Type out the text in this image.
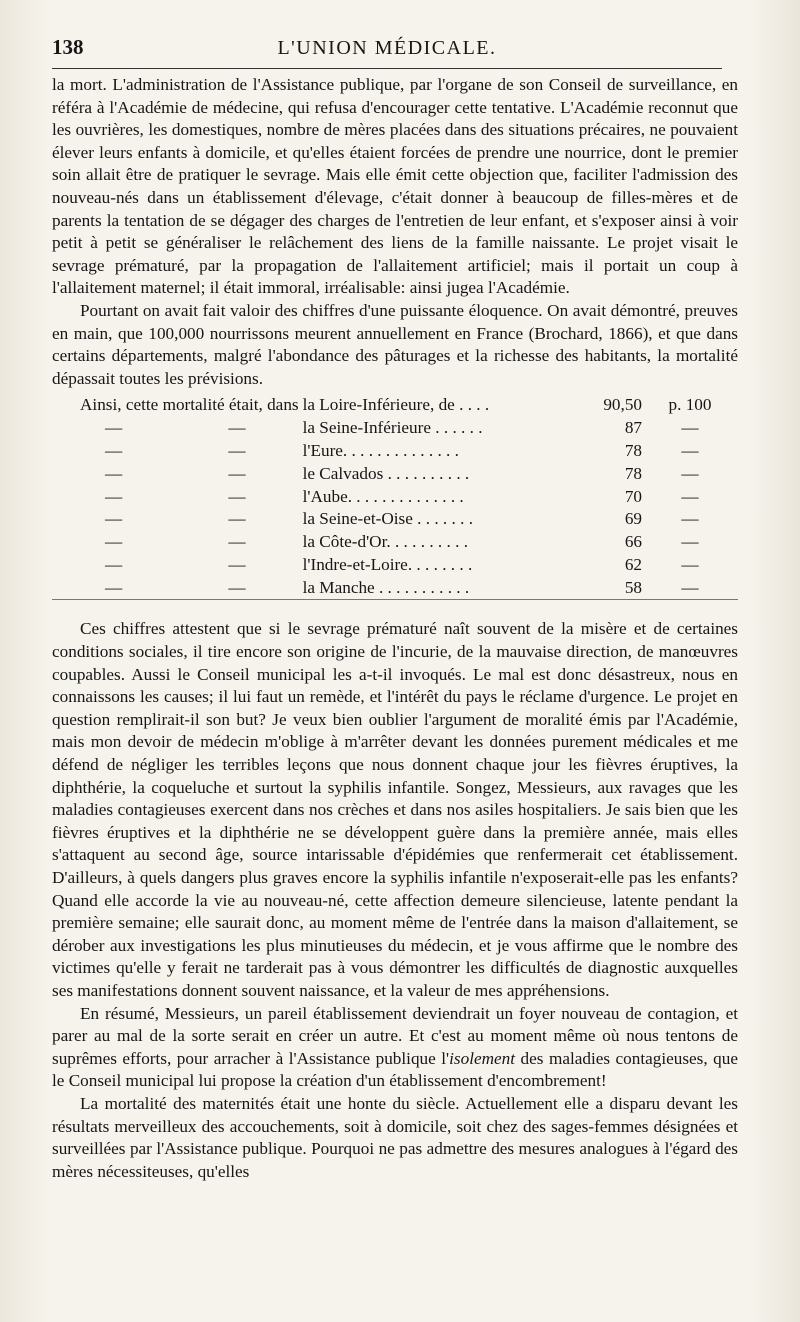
138	L'UNION MÉDICALE.

la mort. L'administration de l'Assistance publique, par l'organe de son Conseil de surveillance, en référa à l'Académie de médecine, qui refusa d'encourager cette tentative. L'Académie reconnut que les ouvrières, les domestiques, nombre de mères placées dans des situations précaires, ne pouvaient élever leurs enfants à domicile, et qu'elles étaient forcées de prendre une nourrice, dont le premier soin allait être de pratiquer le sevrage. Mais elle émit cette objection que, faciliter l'admission des nouveau-nés dans un établissement d'élevage, c'était donner à beaucoup de filles-mères et de parents la tentation de se dégager des charges de l'entretien de leur enfant, et s'exposer ainsi à voir petit à petit se généraliser le relâchement des liens de la famille naissante. Le projet visait le sevrage prématuré, par la propagation de l'allaitement artificiel; mais il portait un coup à l'allaitement maternel; il était immoral, irréalisable: ainsi jugea l'Académie.

Pourtant on avait fait valoir des chiffres d'une puissante éloquence. On avait démontré, preuves en main, que 100,000 nourrissons meurent annuellement en France (Brochard, 1866), et que dans certains départements, malgré l'abondance des pâturages et la richesse des habitants, la mortalité dépassait toutes les prévisions.

Ainsi, cette mortalité était, dans		la Loire-Inférieure, de . . . .	90,50	p. 100
—	—	la Seine-Inférieure . . . . . .	87	—
—	—	l'Eure. . . . . . . . . . . . . .	78	—
—	—	le Calvados . . . . . . . . . .	78	—
—	—	l'Aube. . . . . . . . . . . . . .	70	—
—	—	la Seine-et-Oise . . . . . . .	69	—
—	—	la Côte-d'Or. . . . . . . . . .	66	—
—	—	l'Indre-et-Loire. . . . . . . .	62	—
—	—	la Manche . . . . . . . . . . .	58	—

Ces chiffres attestent que si le sevrage prématuré naît souvent de la misère et de certaines conditions sociales, il tire encore son origine de l'incurie, de la mauvaise direction, de manœuvres coupables. Aussi le Conseil municipal les a-t-il invoqués. Le mal est donc désastreux, nous en connaissons les causes; il lui faut un remède, et l'intérêt du pays le réclame d'urgence. Le projet en question remplirait-il son but? Je veux bien oublier l'argument de moralité émis par l'Académie, mais mon devoir de médecin m'oblige à m'arrêter devant les données purement médicales et me défend de négliger les terribles leçons que nous donnent chaque jour les fièvres éruptives, la diphthérie, la coqueluche et surtout la syphilis infantile. Songez, Messieurs, aux ravages que les maladies contagieuses exercent dans nos crèches et dans nos asiles hospitaliers. Je sais bien que les fièvres éruptives et la diphthérie ne se développent guère dans la première année, mais elles s'attaquent au second âge, source intarissable d'épidémies que renfermerait cet établissement. D'ailleurs, à quels dangers plus graves encore la syphilis infantile n'exposerait-elle pas les enfants? Quand elle accorde la vie au nouveau-né, cette affection demeure silencieuse, latente pendant la première semaine; elle saurait donc, au moment même de l'entrée dans la maison d'allaitement, se dérober aux investigations les plus minutieuses du médecin, et je vous affirme que le nombre des victimes qu'elle y ferait ne tarderait pas à vous démontrer les difficultés de diagnostic auxquelles ses manifestations donnent souvent naissance, et la valeur de mes appréhensions.

En résumé, Messieurs, un pareil établissement deviendrait un foyer nouveau de contagion, et parer au mal de la sorte serait en créer un autre. Et c'est au moment même où nous tentons de suprêmes efforts, pour arracher à l'Assistance publique l'isolement des maladies contagieuses, que le Conseil municipal lui propose la création d'un établissement d'encombrement!

La mortalité des maternités était une honte du siècle. Actuellement elle a disparu devant les résultats merveilleux des accouchements, soit à domicile, soit chez des sages-femmes désignées et surveillées par l'Assistance publique. Pourquoi ne pas admettre des mesures analogues à l'égard des mères nécessiteuses, qu'elles
